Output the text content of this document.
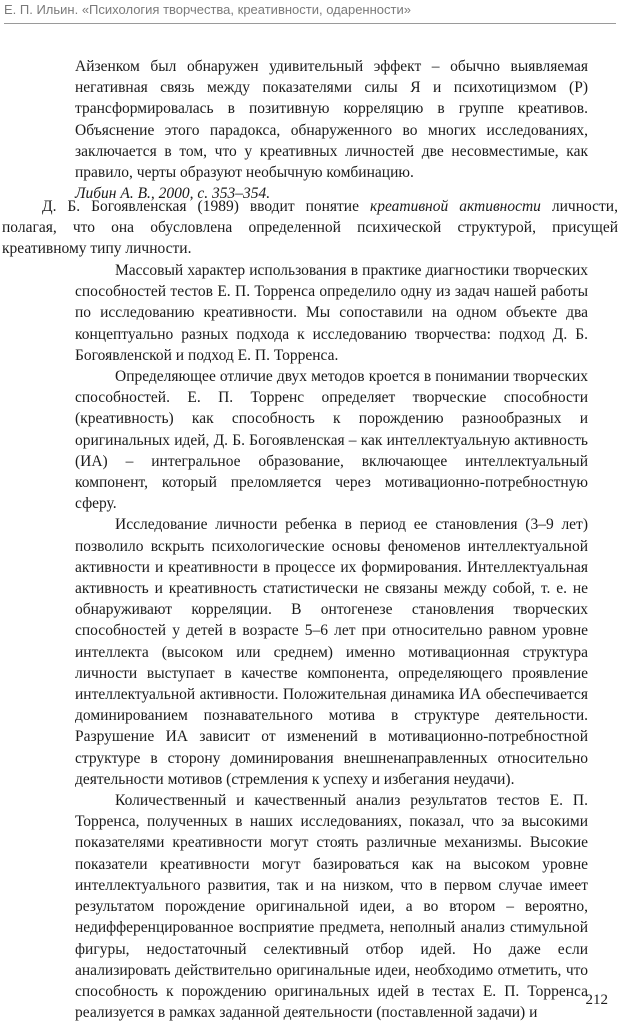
Е. П. Ильин. «Психология творчества, креативности, одаренности»
Айзенком был обнаружен удивительный эффект – обычно выявляемая негативная связь между показателями силы Я и психотицизмом (Р) трансформировалась в позитивную корреляцию в группе креативов. Объяснение этого парадокса, обнаруженного во многих исследованиях, заключается в том, что у креативных личностей две несовместимые, как правило, черты образуют необычную комбинацию.
Либин А. В., 2000, с. 353–354.
Д. Б. Богоявленская (1989) вводит понятие креативной активности личности, полагая, что она обусловлена определенной психической структурой, присущей креативному типу личности.
Массовый характер использования в практике диагностики творческих способностей тестов Е. П. Торренса определило одну из задач нашей работы по исследованию креативности. Мы сопоставили на одном объекте два концептуально разных подхода к исследованию творчества: подход Д. Б. Богоявленской и подход Е. П. Торренса.
Определяющее отличие двух методов кроется в понимании творческих способностей. Е. П. Торренс определяет творческие способности (креативность) как способность к порождению разнообразных и оригинальных идей, Д. Б. Богоявленская – как интеллектуальную активность (ИА) – интегральное образование, включающее интеллектуальный компонент, который преломляется через мотивационно-потребностную сферу.
Исследование личности ребенка в период ее становления (3–9 лет) позволило вскрыть психологические основы феноменов интеллектуальной активности и креативности в процессе их формирования. Интеллектуальная активность и креативность статистически не связаны между собой, т. е. не обнаруживают корреляции. В онтогенезе становления творческих способностей у детей в возрасте 5–6 лет при относительно равном уровне интеллекта (высоком или среднем) именно мотивационная структура личности выступает в качестве компонента, определяющего проявление интеллектуальной активности. Положительная динамика ИА обеспечивается доминированием познавательного мотива в структуре деятельности. Разрушение ИА зависит от изменений в мотивационно-потребностной структуре в сторону доминирования внешненаправленных относительно деятельности мотивов (стремления к успеху и избегания неудачи).
Количественный и качественный анализ результатов тестов Е. П. Торренса, полученных в наших исследованиях, показал, что за высокими показателями креативности могут стоять различные механизмы. Высокие показатели креативности могут базироваться как на высоком уровне интеллектуального развития, так и на низком, что в первом случае имеет результатом порождение оригинальной идеи, а во втором – вероятно, недифференцированное восприятие предмета, неполный анализ стимульной фигуры, недостаточный селективный отбор идей. Но даже если анализировать действительно оригинальные идеи, необходимо отметить, что способность к порождению оригинальных идей в тестах Е. П. Торренса реализуется в рамках заданной деятельности (поставленной задачи) и
212
